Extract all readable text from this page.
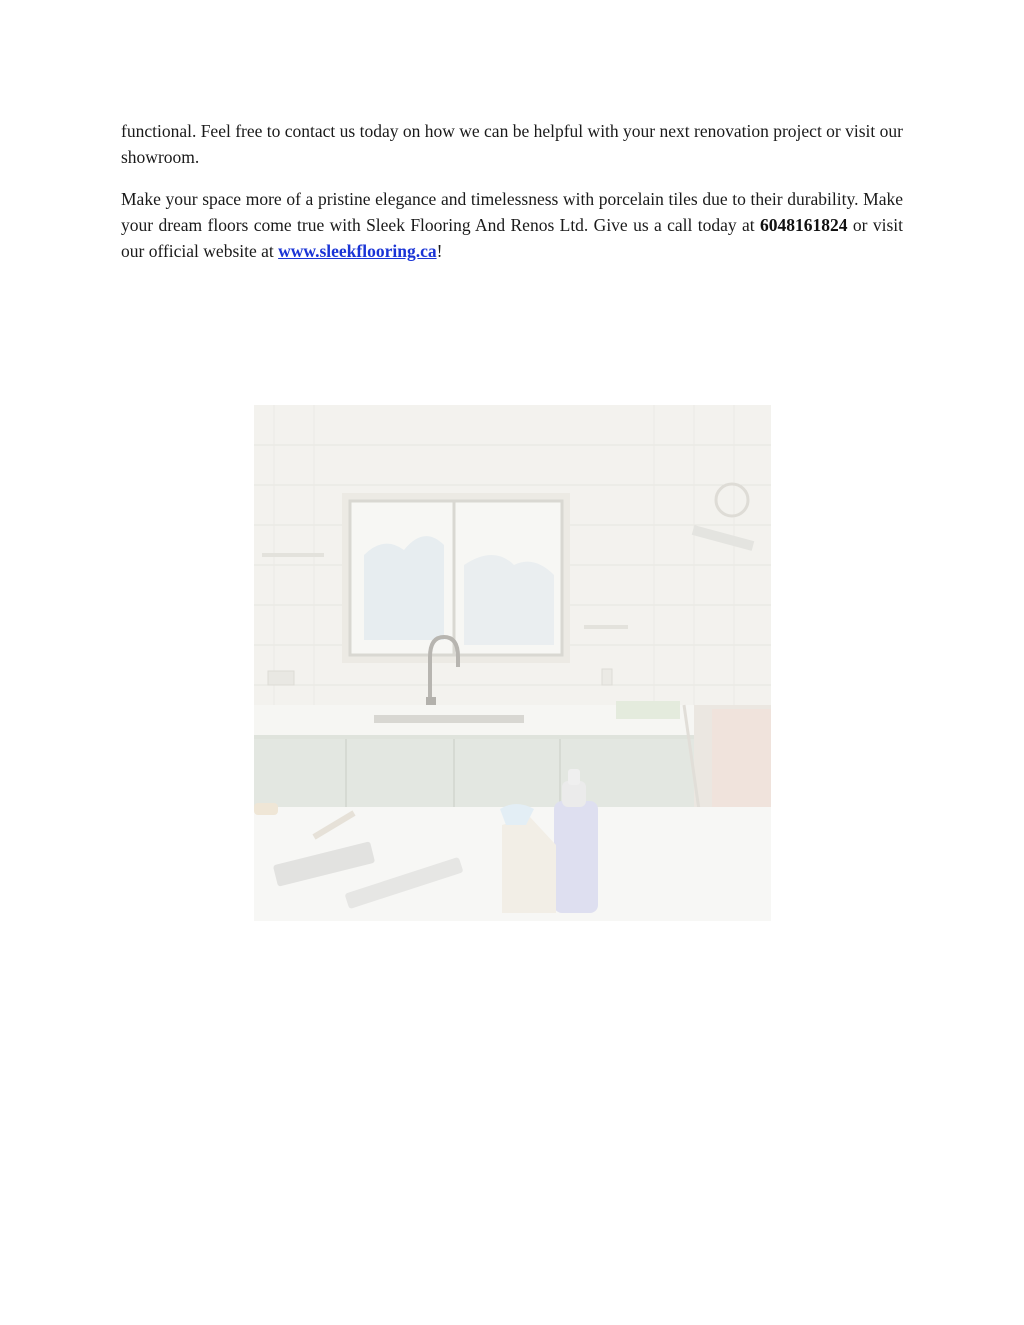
functional. Feel free to contact us today on how we can be helpful with your next renovation project or visit our showroom.

Make your space more of a pristine elegance and timelessness with porcelain tiles due to their durability. Make your dream floors come true with Sleek Flooring And Renos Ltd. Give us a call today at 6048161824 or visit our official website at www.sleekflooring.ca!
